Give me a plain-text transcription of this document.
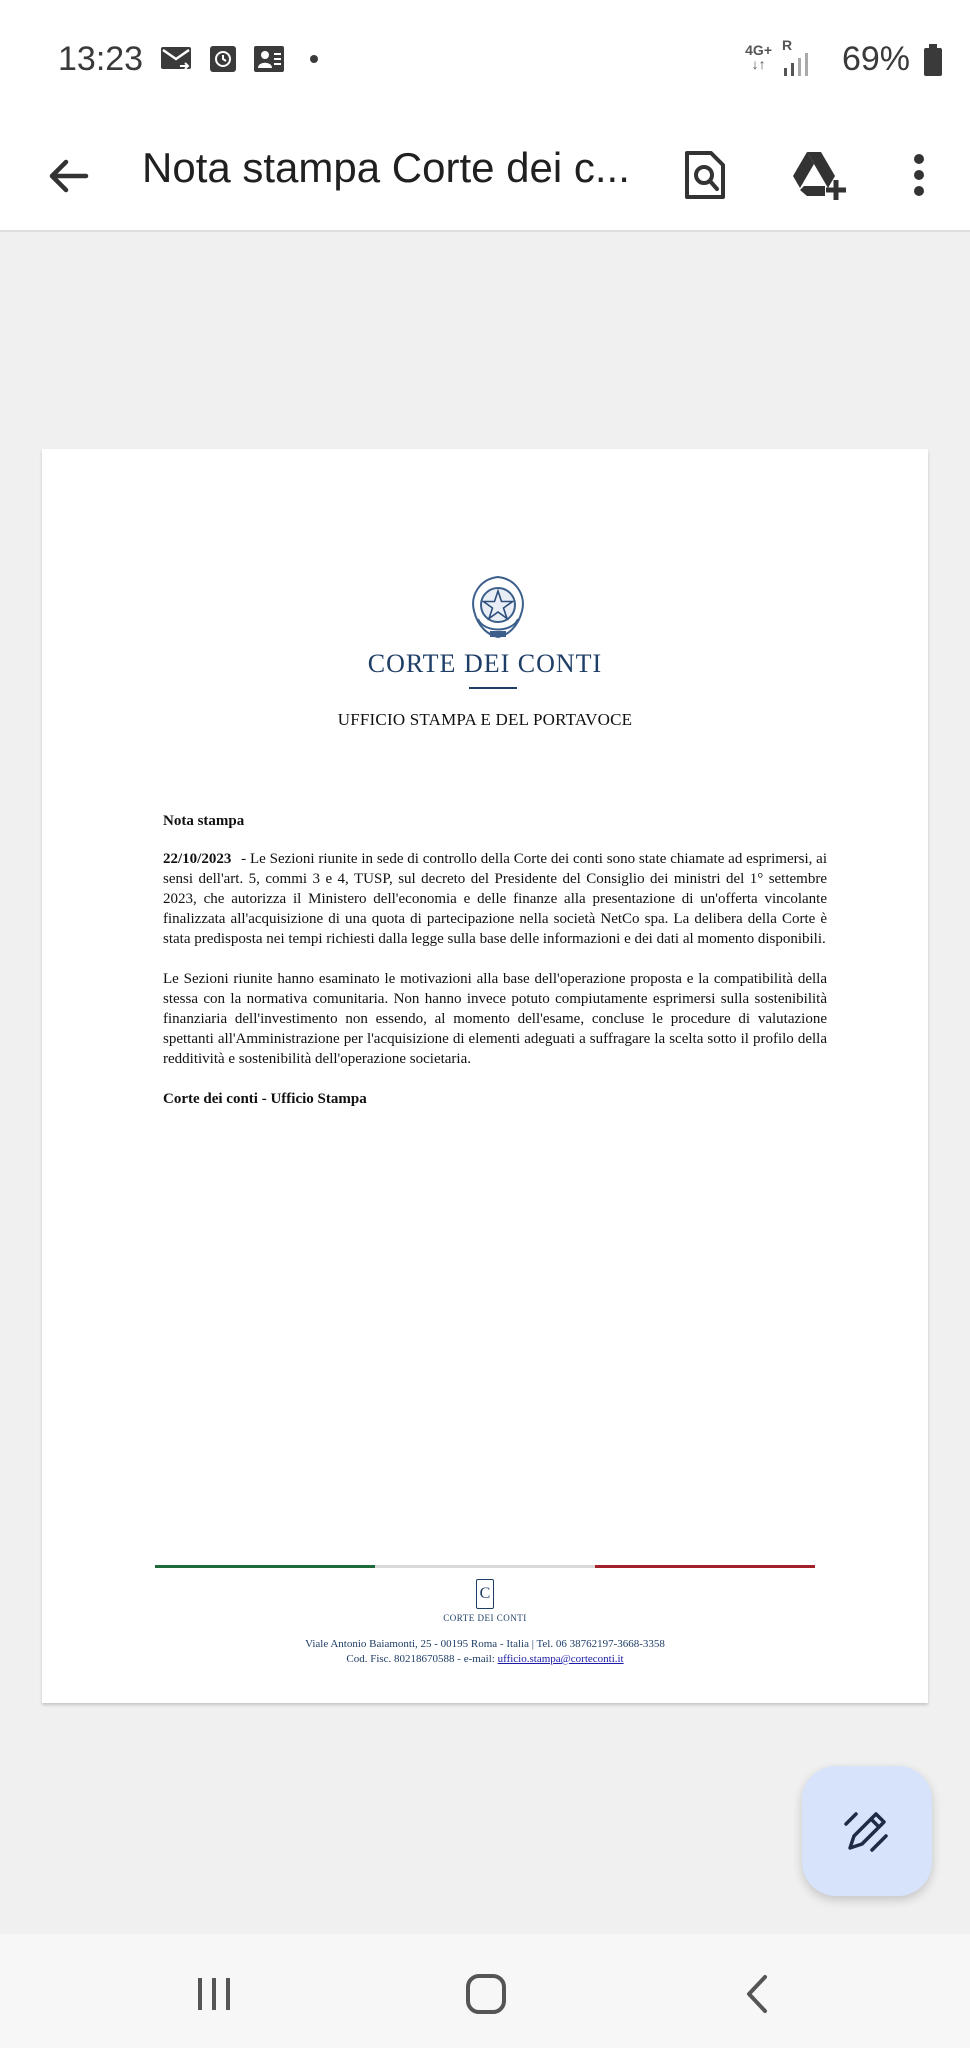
13:23	4G+
↓↑
R 69%
Nota stampa Corte dei c...
CORTE DEI CONTI
UFFICIO STAMPA E DEL PORTAVOCE
Nota stampa

22/10/2023 - Le Sezioni riunite in sede di controllo della Corte dei conti sono state chiamate ad esprimersi, ai sensi dell'art. 5, commi 3 e 4, TUSP, sul decreto del Presidente del Consiglio dei ministri del 1° settembre 2023, che autorizza il Ministero dell'economia e delle finanze alla presentazione di un'offerta vincolante finalizzata all'acquisizione di una quota di partecipazione nella società NetCo spa. La delibera della Corte è stata predisposta nei tempi richiesti dalla legge sulla base delle informazioni e dei dati al momento disponibili.

Le Sezioni riunite hanno esaminato le motivazioni alla base dell'operazione proposta e la compatibilità della stessa con la normativa comunitaria. Non hanno invece potuto compiutamente esprimersi sulla sostenibilità finanziaria dell'investimento non essendo, al momento dell'esame, concluse le procedure di valutazione spettanti all'Amministrazione per l'acquisizione di elementi adeguati a suffragare la scelta sotto il profilo della redditività e sostenibilità dell'operazione societaria.

Corte dei conti - Ufficio Stampa
C
CORTE DEI CONTI
Viale Antonio Baiamonti, 25 - 00195 Roma - Italia | Tel. 06 38762197-3668-3358
Cod. Fisc. 80218670588 - e-mail: ufficio.stampa@corteconti.it
